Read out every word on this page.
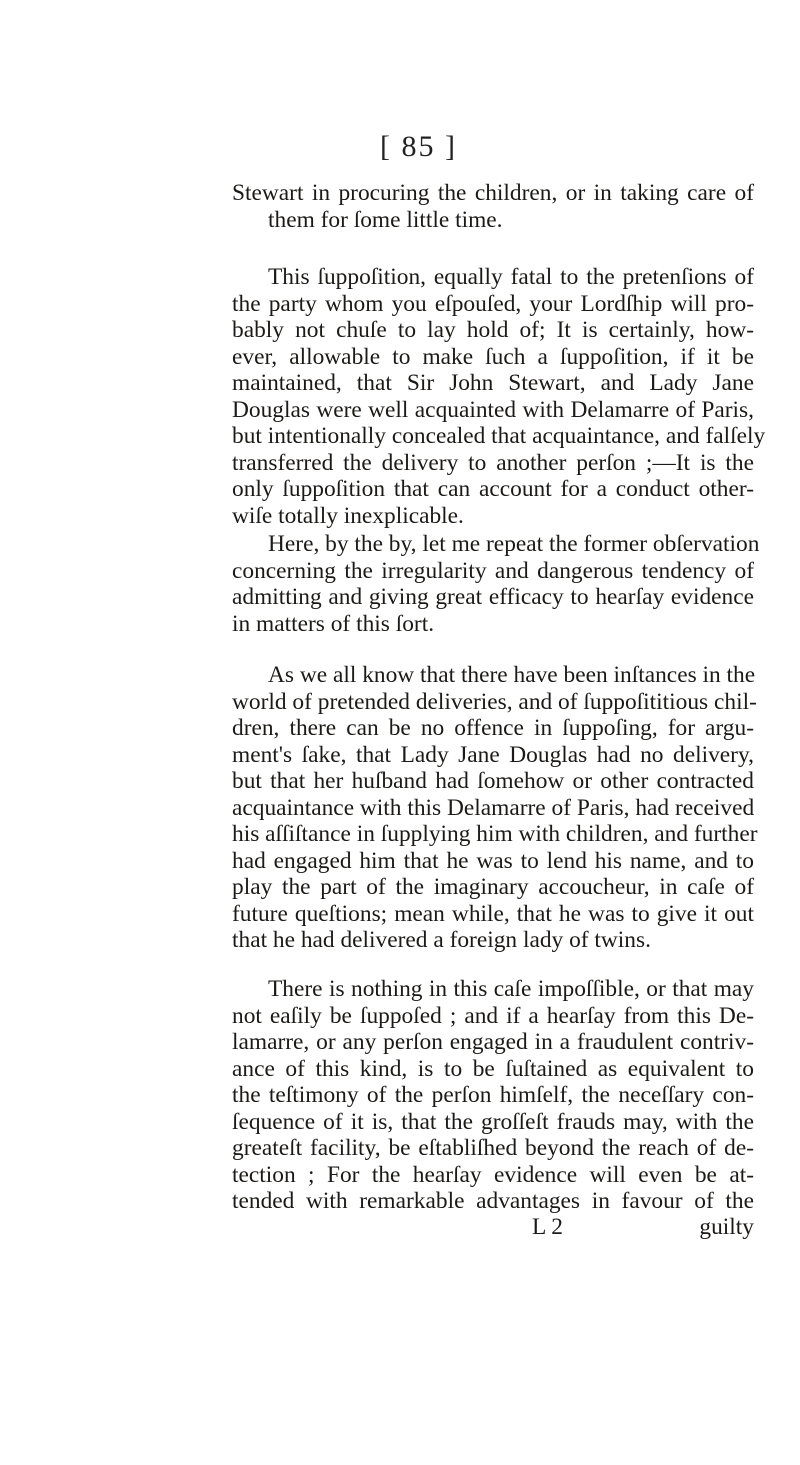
[ 85 ]
Stewart in procuring the children, or in taking care of
them for ſome little time.
This ſuppoſition, equally fatal to the pretenſions of
the party whom you eſpouſed, your Lordſhip will pro-
bably not chuſe to lay hold of; It is certainly, how-
ever, allowable to make ſuch a ſuppoſition, if it be
maintained, that Sir John Stewart, and Lady Jane
Douglas were well acquainted with Delamarre of Paris,
but intentionally concealed that acquaintance, and falſely
transferred the delivery to another perſon ;—It is the
only ſuppoſition that can account for a conduct other-
wiſe totally inexplicable.
Here, by the by, let me repeat the former obſervation
concerning the irregularity and dangerous tendency of
admitting and giving great efficacy to hearſay evidence
in matters of this ſort.
As we all know that there have been inſtances in the
world of pretended deliveries, and of ſuppoſititious chil-
dren, there can be no offence in ſuppoſing, for argu-
ment's ſake, that Lady Jane Douglas had no delivery,
but that her huſband had ſomehow or other contracted
acquaintance with this Delamarre of Paris, had received
his aſſiſtance in ſupplying him with children, and further
had engaged him that he was to lend his name, and to
play the part of the imaginary accoucheur, in caſe of
future queſtions; mean while, that he was to give it out
that he had delivered a foreign lady of twins.
There is nothing in this caſe impoſſible, or that may
not eaſily be ſuppoſed ; and if a hearſay from this De-
lamarre, or any perſon engaged in a fraudulent contriv-
ance of this kind, is to be ſuſtained as equivalent to
the teſtimony of the perſon himſelf, the neceſſary con-
ſequence of it is, that the groſſeſt frauds may, with the
greateſt facility, be eſtabliſhed beyond the reach of de-
tection ; For the hearſay evidence will even be at-
tended with remarkable advantages in favour of the
L 2	guilty
